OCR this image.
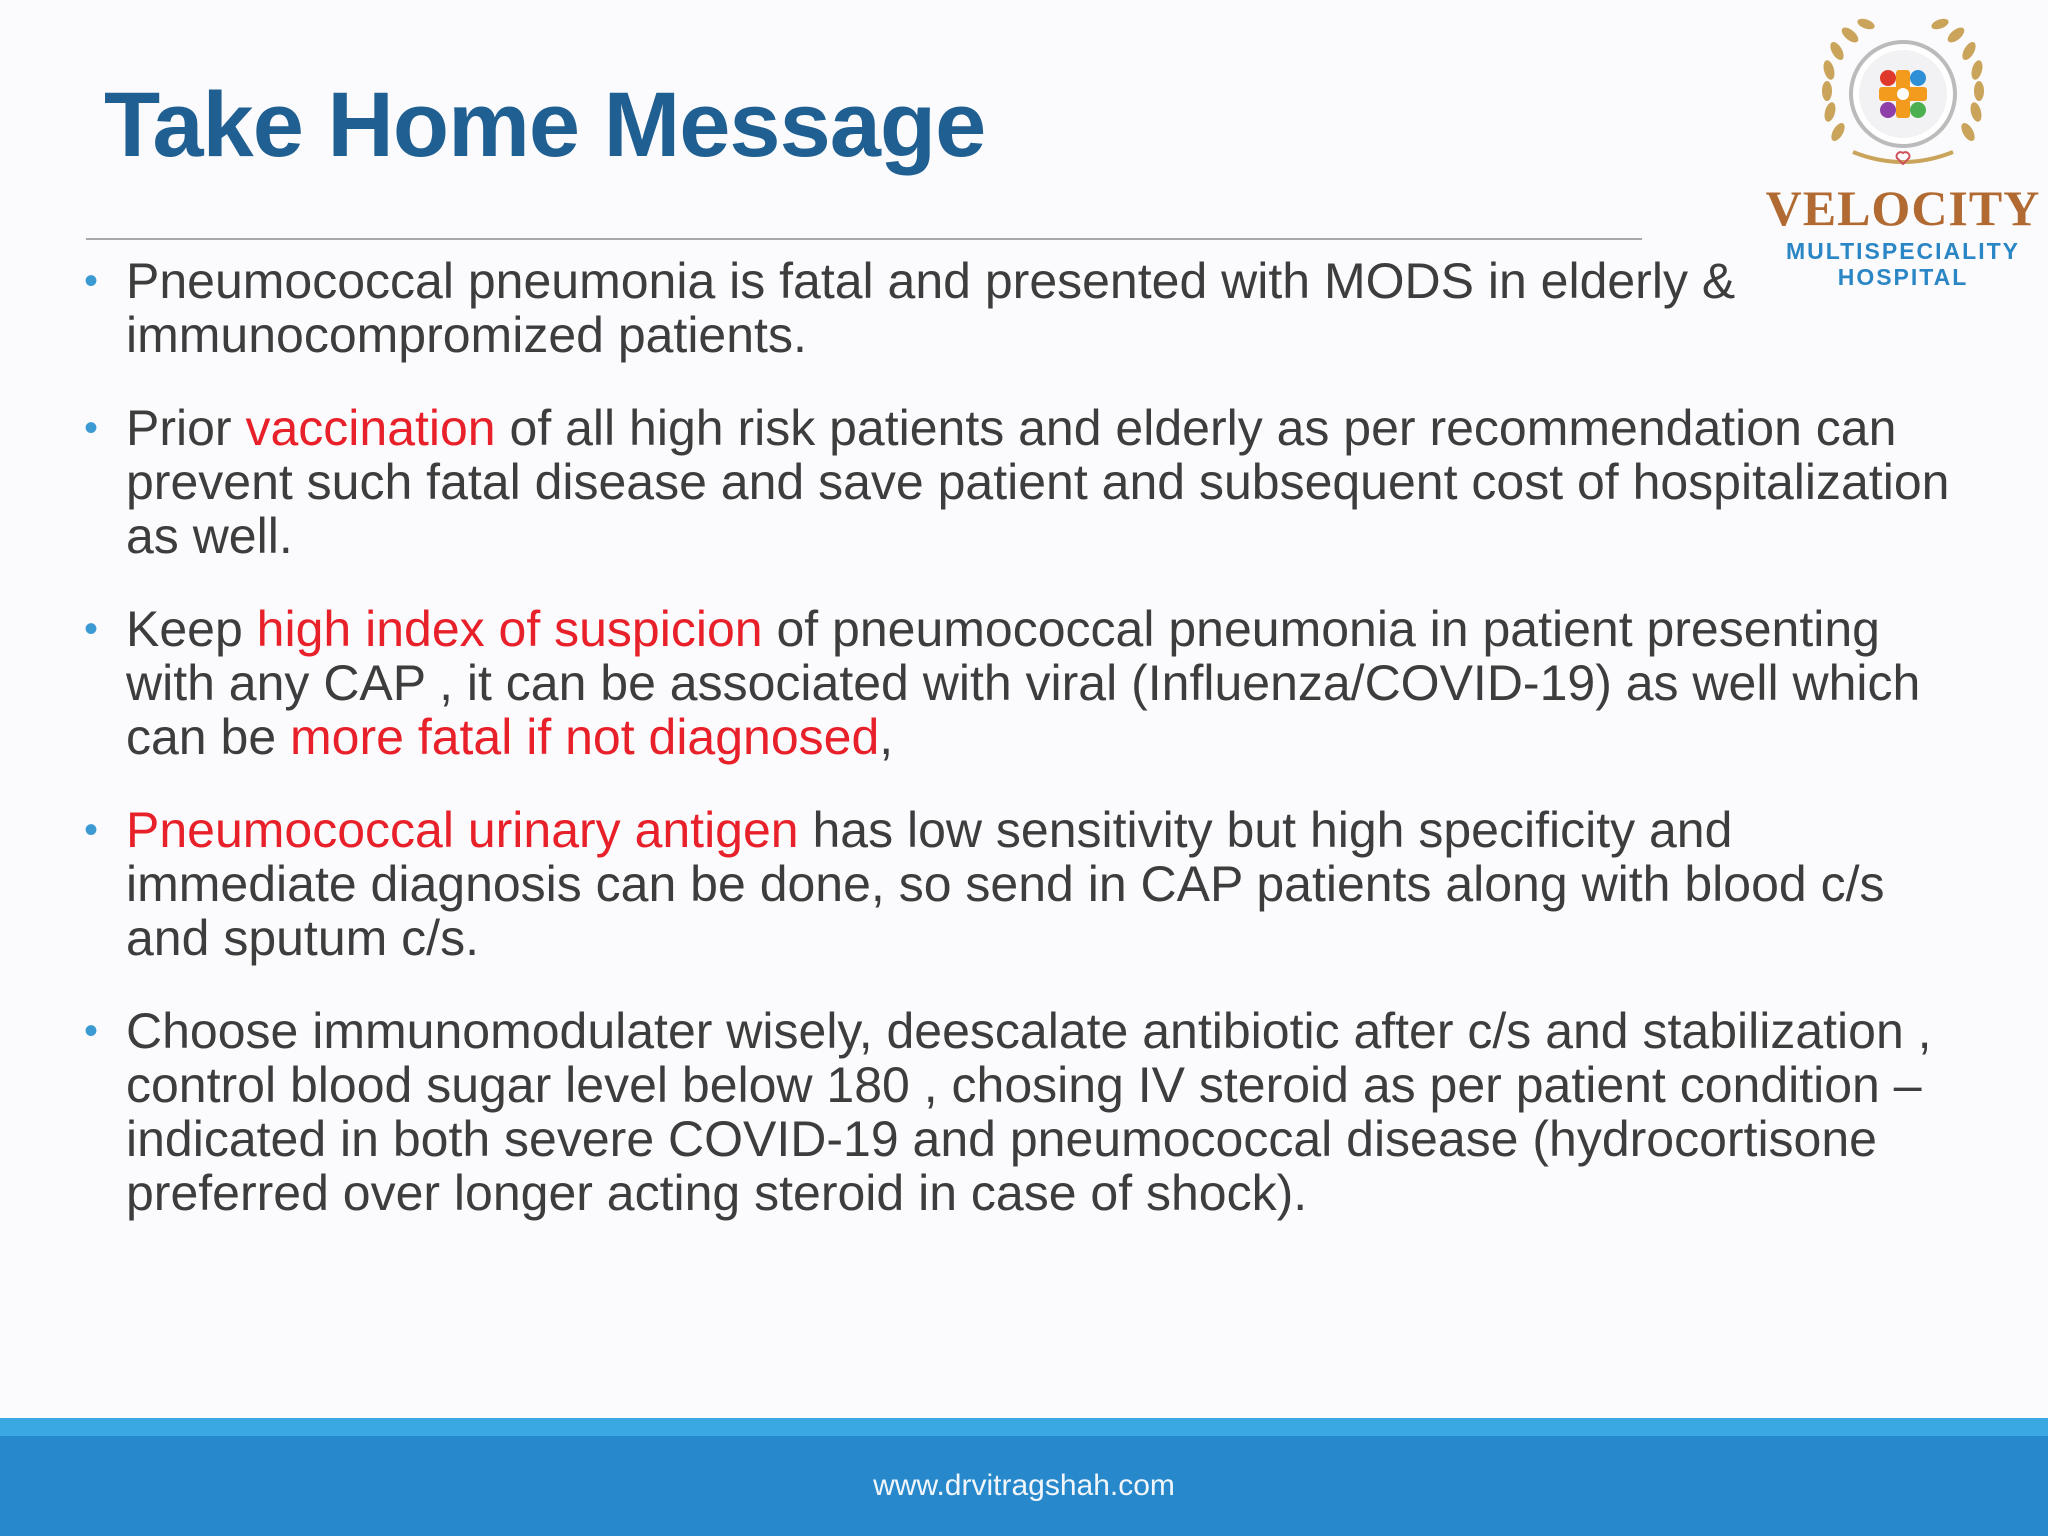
Take Home Message
VELOCITY
MULTISPECIALITY
HOSPITAL
• Pneumococcal pneumonia is fatal and presented with MODS in elderly & immunocompromized patients.
• Prior vaccination of all high risk patients and elderly as per recommendation can prevent such fatal disease and save patient and subsequent cost of hospitalization as well.
• Keep high index of suspicion of pneumococcal pneumonia in patient presenting with any CAP , it can be associated with viral (Influenza/COVID-19) as well which can be more fatal if not diagnosed,
• Pneumococcal urinary antigen has low sensitivity but high specificity and immediate diagnosis can be done, so send in CAP patients along with blood c/s and sputum c/s.
• Choose immunomodulater wisely, deescalate antibiotic after c/s and stabilization , control blood sugar level below 180 , chosing IV steroid as per patient condition – indicated in both severe COVID-19 and pneumococcal disease (hydrocortisone preferred over longer acting steroid in case of shock).
www.drvitragshah.com
